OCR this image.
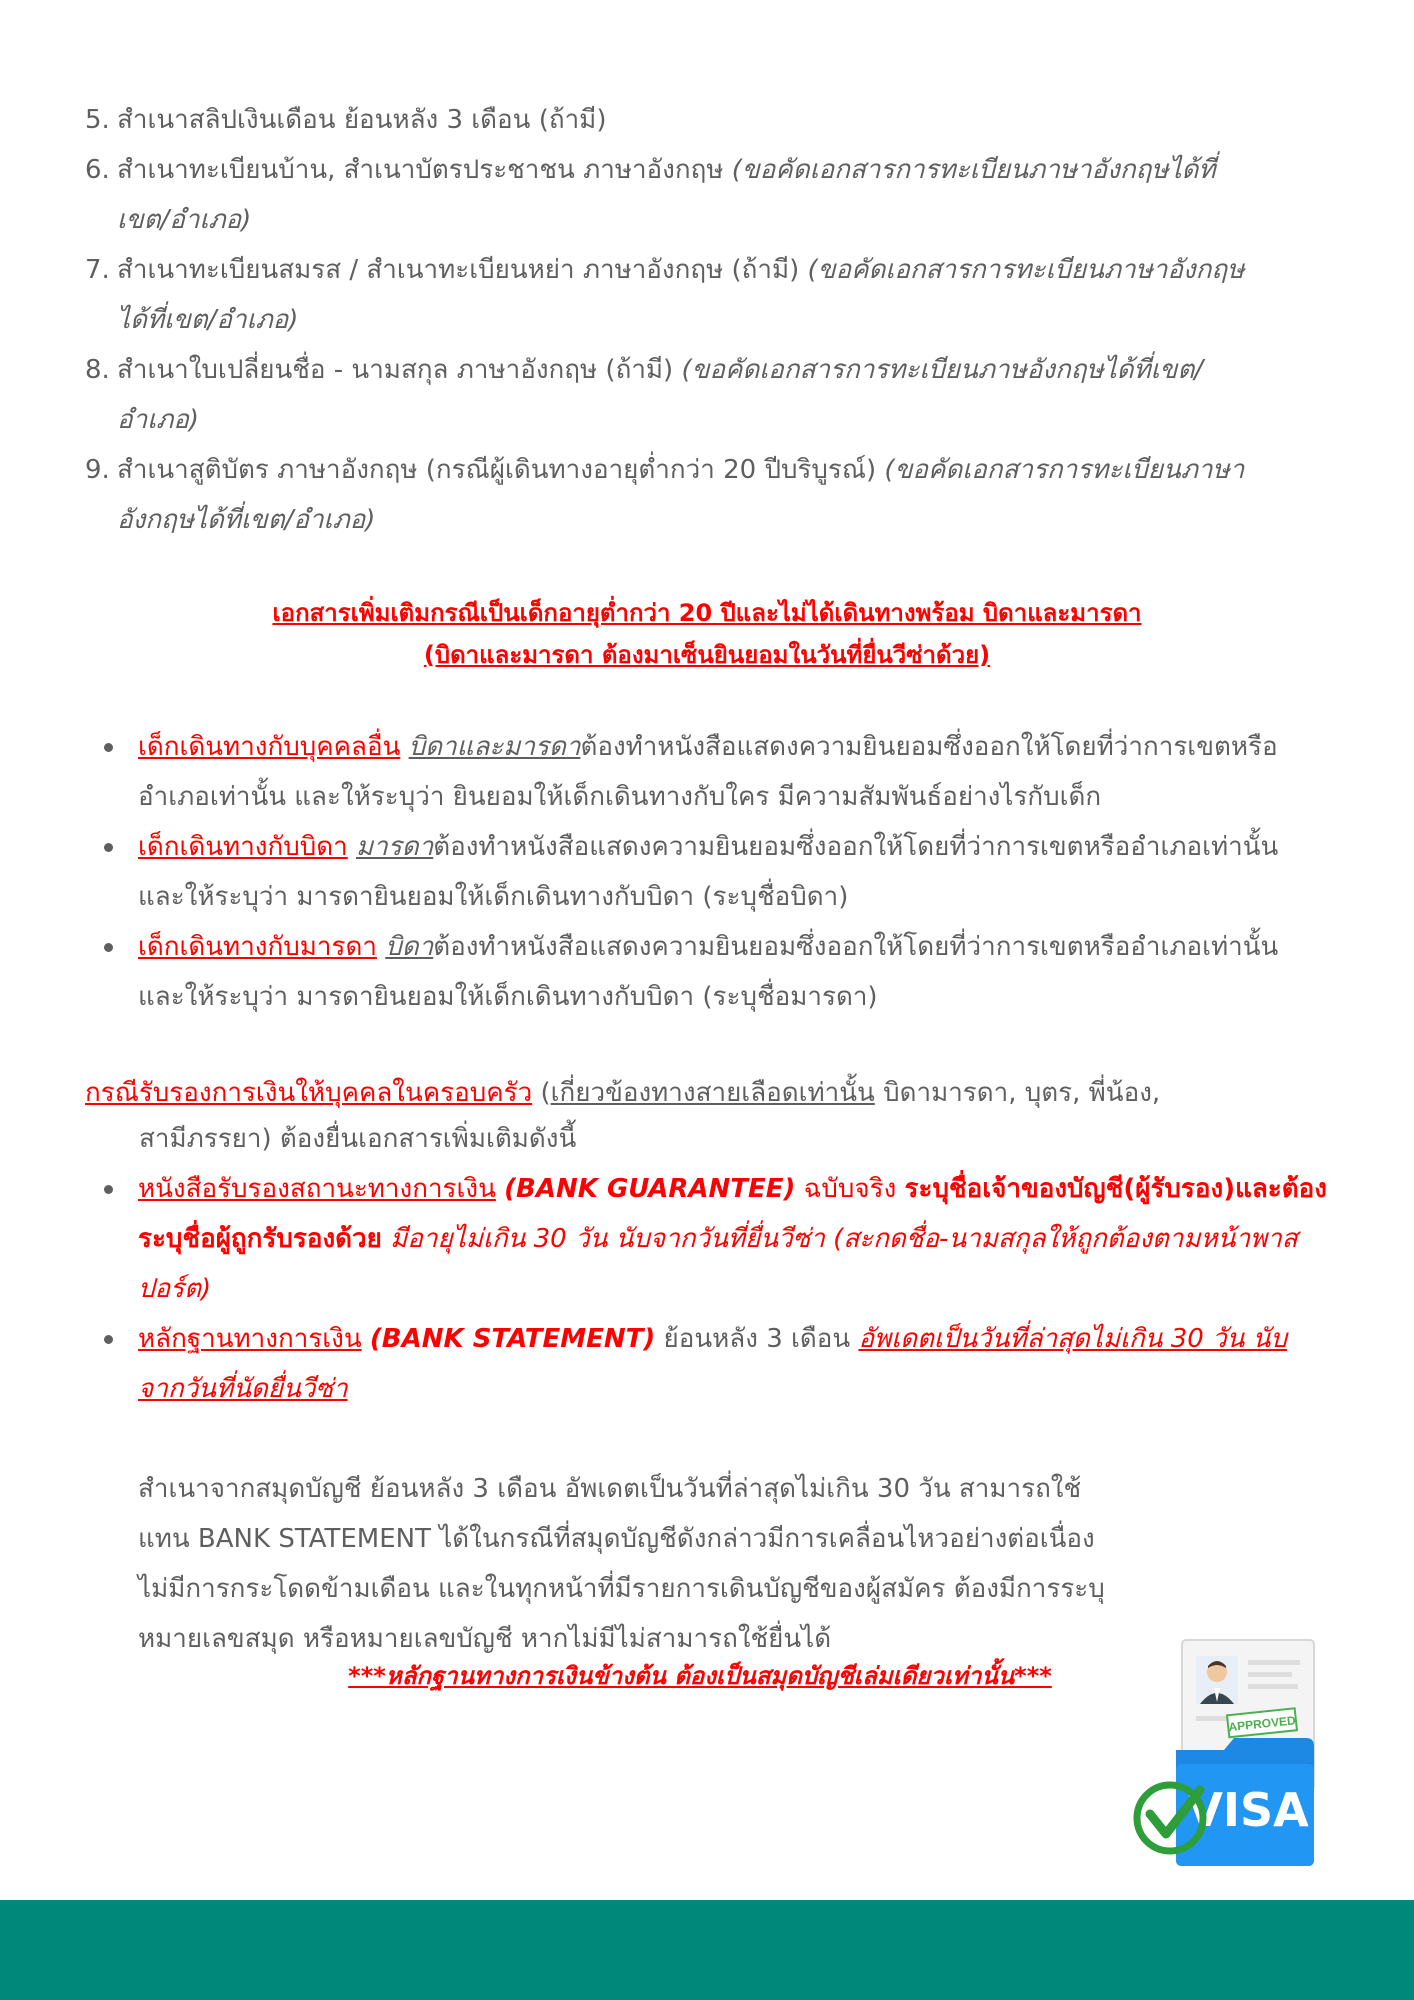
5. สำเนาสลิปเงินเดือน ย้อนหลัง 3 เดือน (ถ้ามี)
6. สำเนาทะเบียนบ้าน, สำเนาบัตรประชาชน ภาษาอังกฤษ (ขอคัดเอกสารการทะเบียนภาษาอังกฤษได้ที่เขต/อำเภอ)
7. สำเนาทะเบียนสมรส / สำเนาทะเบียนหย่า ภาษาอังกฤษ (ถ้ามี) (ขอคัดเอกสารการทะเบียนภาษาอังกฤษได้ที่เขต/อำเภอ)
8. สำเนาใบเปลี่ยนชื่อ - นามสกุล ภาษาอังกฤษ (ถ้ามี) (ขอคัดเอกสารการทะเบียนภาษอังกฤษได้ที่เขต/อำเภอ)
9. สำเนาสูติบัตร ภาษาอังกฤษ (กรณีผู้เดินทางอายุต่ำกว่า 20 ปีบริบูรณ์) (ขอคัดเอกสารการทะเบียนภาษาอังกฤษได้ที่เขต/อำเภอ)
เอกสารเพิ่มเติมกรณีเป็นเด็กอายุต่ำกว่า 20 ปีและไม่ได้เดินทางพร้อม บิดาและมารดา
(บิดาและมารดา ต้องมาเซ็นยินยอมในวันที่ยื่นวีซ่าด้วย)
เด็กเดินทางกับบุคคลอื่น บิดาและมารดาต้องทำหนังสือแสดงความยินยอมซึ่งออกให้โดยที่ว่าการเขตหรืออำเภอเท่านั้น และให้ระบุว่า ยินยอมให้เด็กเดินทางกับใคร มีความสัมพันธ์อย่างไรกับเด็ก
เด็กเดินทางกับบิดา มารดาต้องทำหนังสือแสดงความยินยอมซึ่งออกให้โดยที่ว่าการเขตหรืออำเภอเท่านั้น และให้ระบุว่า มารดายินยอมให้เด็กเดินทางกับบิดา (ระบุชื่อบิดา)
เด็กเดินทางกับมารดา บิดาต้องทำหนังสือแสดงความยินยอมซึ่งออกให้โดยที่ว่าการเขตหรืออำเภอเท่านั้น และให้ระบุว่า มารดายินยอมให้เด็กเดินทางกับบิดา (ระบุชื่อมารดา)
กรณีรับรองการเงินให้บุคคลในครอบครัว (เกี่ยวข้องทางสายเลือดเท่านั้น บิดามารดา, บุตร, พี่น้อง,
สามีภรรยา) ต้องยื่นเอกสารเพิ่มเติมดังนี้
หนังสือรับรองสถานะทางการเงิน (BANK GUARANTEE) ฉบับจริง ระบุชื่อเจ้าของบัญชี(ผู้รับรอง)และต้องระบุชื่อผู้ถูกรับรองด้วย มีอายุไม่เกิน 30 วัน นับจากวันที่ยื่นวีซ่า (สะกดชื่อ-นามสกุลให้ถูกต้องตามหน้าพาสปอร์ต)
หลักฐานทางการเงิน (BANK STATEMENT) ย้อนหลัง 3 เดือน อัพเดตเป็นวันที่ล่าสุดไม่เกิน 30 วัน นับจากวันที่นัดยื่นวีซ่า
สำเนาจากสมุดบัญชี ย้อนหลัง 3 เดือน อัพเดตเป็นวันที่ล่าสุดไม่เกิน 30 วัน สามารถใช้
แทน BANK STATEMENT ได้ในกรณีที่สมุดบัญชีดังกล่าวมีการเคลื่อนไหวอย่างต่อเนื่อง
ไม่มีการกระโดดข้ามเดือน และในทุกหน้าที่มีรายการเดินบัญชีของผู้สมัคร ต้องมีการระบุ
หมายเลขสมุด หรือหมายเลขบัญชี หากไม่มีไม่สามารถใช้ยื่นได้
***หลักฐานทางการเงินข้างต้น ต้องเป็นสมุดบัญชีเล่มเดียวเท่านั้น***
APPROVED
VISA
